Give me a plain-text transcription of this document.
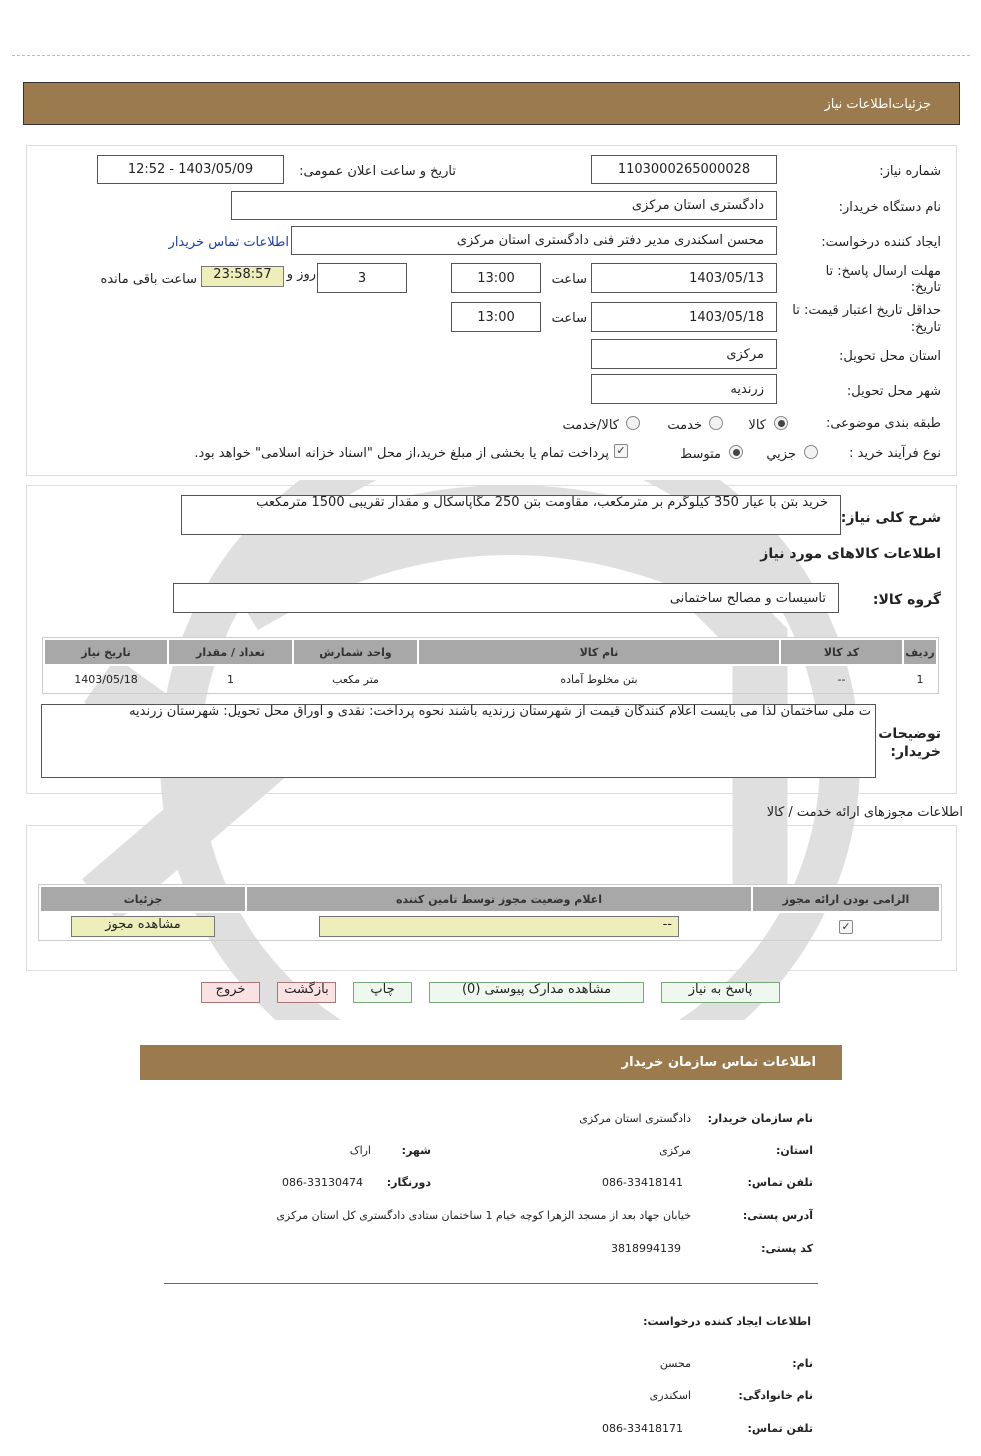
جزئیات‌اطلاعات نیاز
شماره نیاز:
1103000265000028
تاریخ و ساعت اعلان عمومی:
1403/05/09 - 12:52
نام دستگاه خریدار:
دادگستری استان مرکزی
ایجاد کننده درخواست:
محسن اسکندری مدیر دفتر فنی دادگستری استان مرکزی
اطلاعات تماس خریدار
مهلت ارسال پاسخ: تا
تاریخ:
1403/05/13
ساعت
13:00
3
روز و
23:58:57
ساعت باقی مانده
حداقل تاریخ اعتبار قیمت: تا
تاریخ:
1403/05/18
ساعت
13:00
استان محل تحویل:
مرکزی
شهر محل تحویل:
زرندیه
طبقه بندی موضوعی:
کالا
خدمت
کالا/خدمت
نوع فرآیند خرید :
جزیي
متوسط
✓
پرداخت تمام یا بخشی از مبلغ خرید،از محل "اسناد خزانه اسلامی" خواهد بود.
شرح کلی نیاز:
خرید بتن با عیار 350 کیلوگرم بر مترمکعب، مقاومت بتن 250 مگاپاسکال و مقدار تقریبی 1500 مترمکعب
اطلاعات کالاهای مورد نیاز
گروه کالا:
تاسیسات و مصالح ساختمانی
ردیف	کد کالا	نام کالا	واحد شمارش	تعداد / مقدار	تاریخ نیاز
1	--	بتن مخلوط آماده	متر مکعب	1	1403/05/18
توضیحات
خریدار:
ت ملی ساختمان لذا می بایست اعلام کنندگان قیمت از شهرستان زرندیه باشند نحوه پرداخت: نقدی و اوراق محل تحویل: شهرستان زرندیه
اطلاعات مجوزهای ارائه خدمت / کالا
الزامی بودن ارائه مجوز	اعلام وضعیت مجوز توسط تامین کننده	جزئیات
✓	--	مشاهده مجوز
پاسخ به نیاز
مشاهده مدارک پیوستی (0)
چاپ
بازگشت
خروج
اطلاعات تماس سازمان خریدار
نام سازمان خریدار:
دادگستری استان مرکزی
استان:
مرکزی
شهر:
اراک
تلفن تماس:
086-33418141
دورنگار:
086-33130474
آدرس پستی:
خیابان جهاد بعد از مسجد الزهرا کوچه خیام 1 ساختمان ستادی دادگستری کل استان مرکزی
کد پستی:
3818994139
اطلاعات ایجاد کننده درخواست:
نام:
محسن
نام خانوادگی:
اسکندری
تلفن تماس:
086-33418171
